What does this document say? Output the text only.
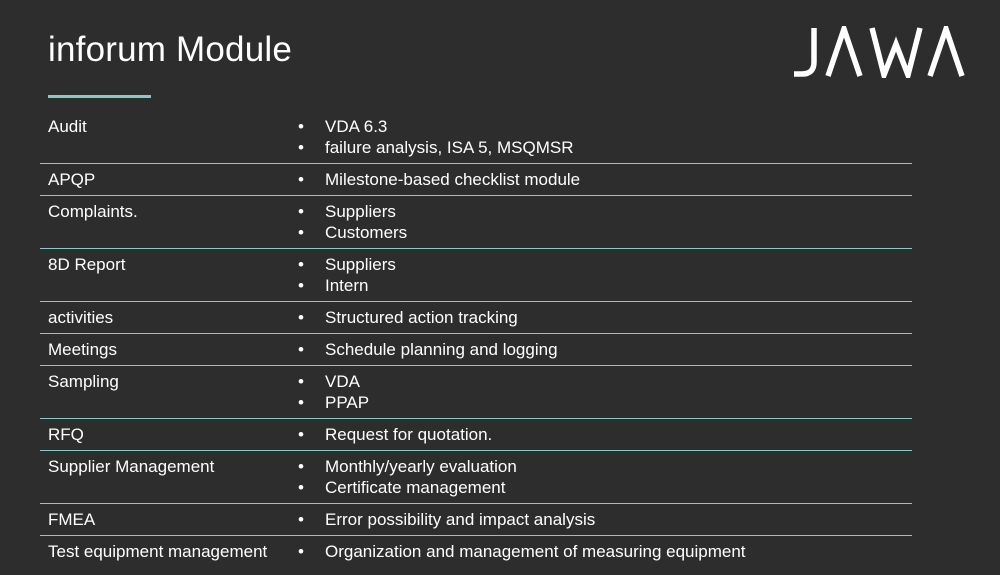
inforum Module
Audit	• VDA 6.3
• failure analysis, ISA 5, MSQMSR
APQP	• Milestone-based checklist module
Complaints.	• Suppliers
• Customers
8D Report	• Suppliers
• Intern
activities	• Structured action tracking
Meetings	• Schedule planning and logging
Sampling	• VDA
• PPAP
RFQ	• Request for quotation.
Supplier Management	• Monthly/yearly evaluation
• Certificate management
FMEA	• Error possibility and impact analysis
Test equipment management • Organization and management of measuring equipment
